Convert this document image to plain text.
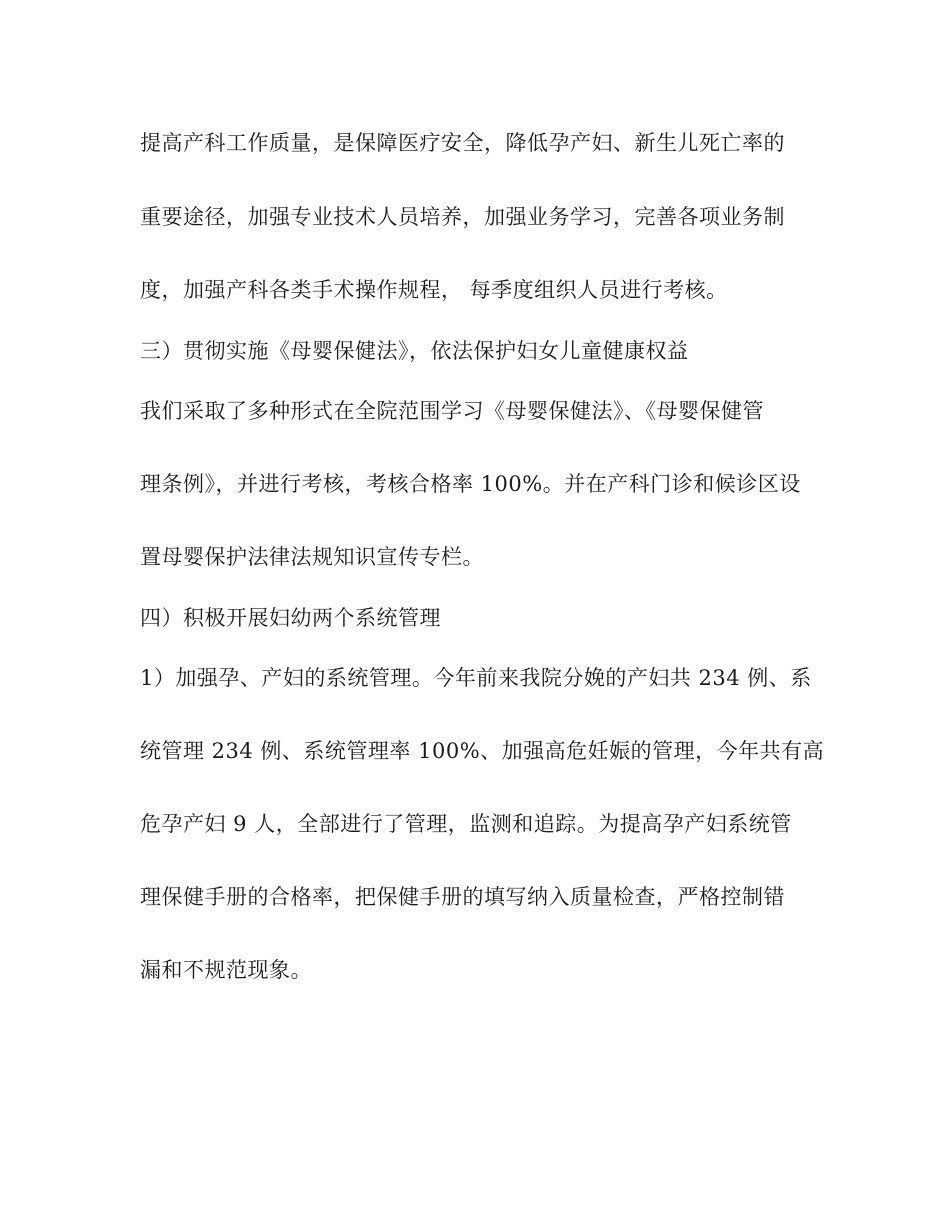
提高产科工作质量，是保障医疗安全，降低孕产妇、新生儿死亡率的
重要途径，加强专业技术人员培养，加强业务学习，完善各项业务制
度，加强产科各类手术操作规程， 每季度组织人员进行考核。
三）贯彻实施《母婴保健法》，依法保护妇女儿童健康权益
我们采取了多种形式在全院范围学习《母婴保健法》、《母婴保健管
理条例》，并进行考核，考核合格率 100%。并在产科门诊和候诊区设
置母婴保护法律法规知识宣传专栏。
四）积极开展妇幼两个系统管理
1）加强孕、产妇的系统管理。今年前来我院分娩的产妇共 234 例、系
统管理 234 例、系统管理率 100%、加强高危妊娠的管理，今年共有高
危孕产妇 9 人，全部进行了管理，监测和追踪。为提高孕产妇系统管
理保健手册的合格率，把保健手册的填写纳入质量检查，严格控制错
漏和不规范现象。
